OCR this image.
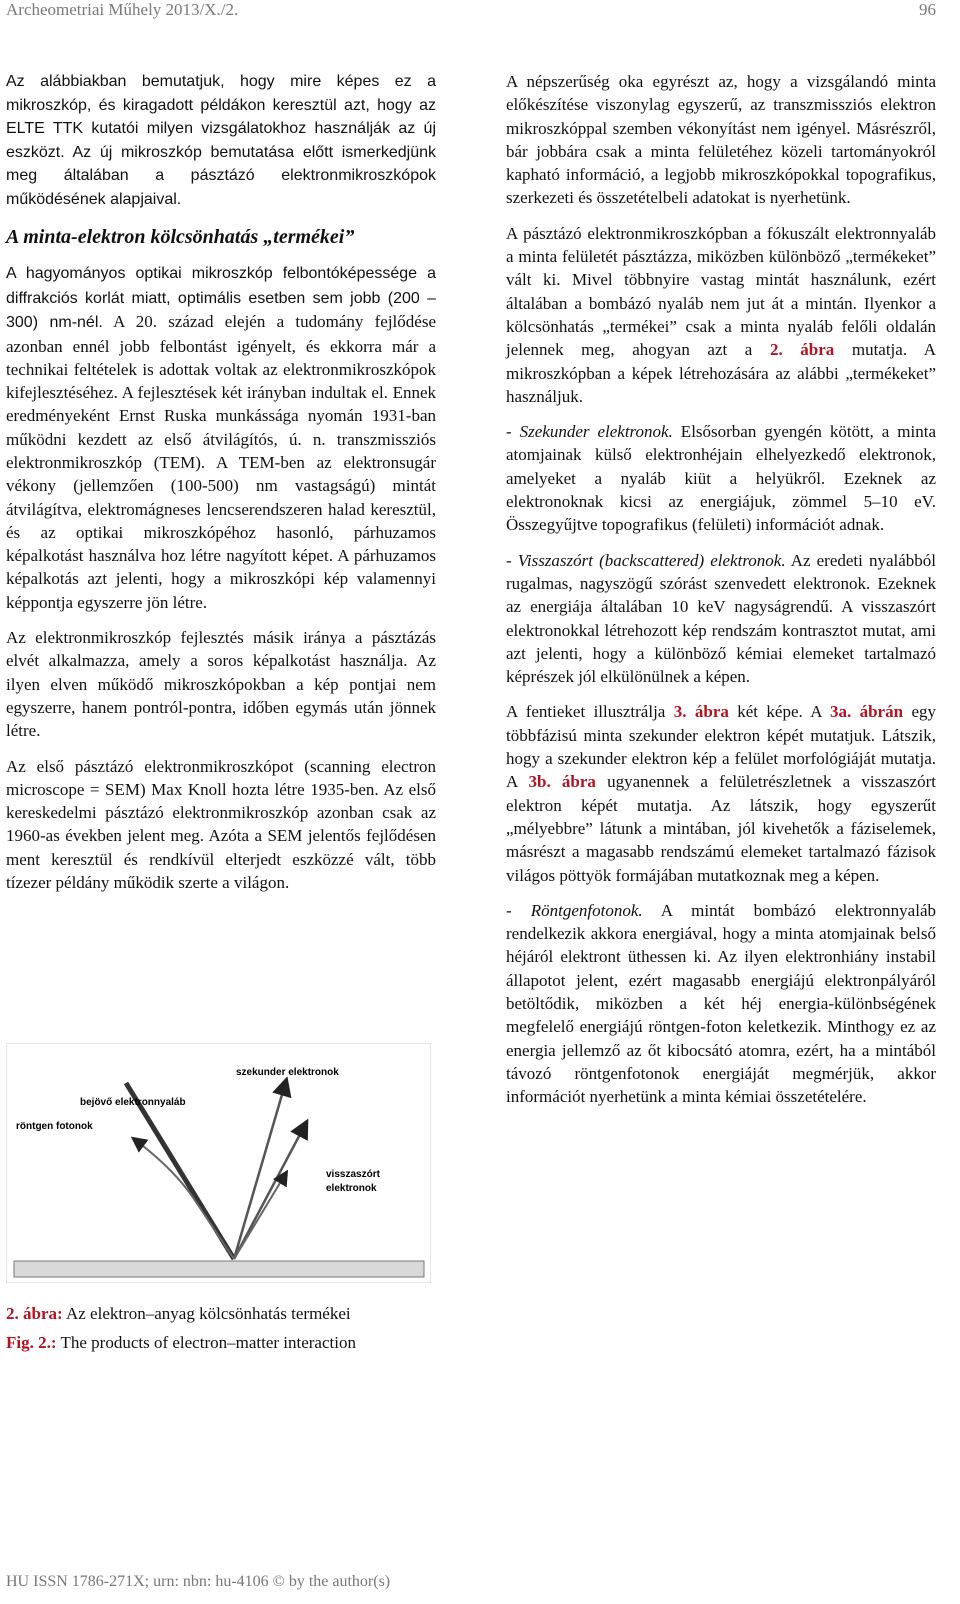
Archeometriai Műhely 2013/X./2.	96

Az alábbiakban bemutatjuk, hogy mire képes ez a mikroszkóp, és kiragadott példákon keresztül azt, hogy az ELTE TTK kutatói milyen vizsgálatokhoz használják az új eszközt. Az új mikroszkóp bemutatása előtt ismerkedjünk meg általában a pásztázó elektronmikroszkópok működésének alapjaival.

A minta-elektron kölcsönhatás „termékei”

A hagyományos optikai mikroszkóp felbontóképessége a diffrakciós korlát miatt, optimális esetben sem jobb (200 – 300) nm-nél. A 20. század elején a tudomány fejlődése azonban ennél jobb felbontást igényelt, és ekkorra már a technikai feltételek is adottak voltak az elektronmikroszkópok kifejlesztéséhez. A fejlesztések két irányban indultak el. Ennek eredményeként Ernst Ruska munkássága nyomán 1931-ban működni kezdett az első átvilágítós, ú. n. transzmissziós elektronmikroszkóp (TEM). A TEM-ben az elektronsugár vékony (jellemzően (100-500) nm vastagságú) mintát átvilágítva, elektromágneses lencserendszeren halad keresztül, és az optikai mikroszkópéhoz hasonló, párhuzamos képalkotást használva hoz létre nagyított képet. A párhuzamos képalkotás azt jelenti, hogy a mikroszkópi kép valamennyi képpontja egyszerre jön létre.

Az elektronmikroszkóp fejlesztés másik iránya a pásztázás elvét alkalmazza, amely a soros képalkotást használja. Az ilyen elven működő mikroszkópokban a kép pontjai nem egyszerre, hanem pontról-pontra, időben egymás után jönnek létre.

Az első pásztázó elektronmikroszkópot (scanning electron microscope = SEM) Max Knoll hozta létre 1935-ben. Az első kereskedelmi pásztázó elektronmikroszkóp azonban csak az 1960-as években jelent meg. Azóta a SEM jelentős fejlődésen ment keresztül és rendkívül elterjedt eszközzé vált, több tízezer példány működik szerte a világon.

szekunder elektronok
bejövő elektronnyaláb
röntgen fotonok
visszaszórt
elektronok
2. ábra: Az elektron–anyag kölcsönhatás termékei
Fig. 2.: The products of electron–matter interaction

A népszerűség oka egyrészt az, hogy a vizsgálandó minta előkészítése viszonylag egyszerű, az transzmissziós elektron mikroszkóppal szemben vékonyítást nem igényel. Másrészről, bár jobbára csak a minta felületéhez közeli tartományokról kapható információ, a legjobb mikroszkópokkal topografikus, szerkezeti és összetételbeli adatokat is nyerhetünk.

A pásztázó elektronmikroszkópban a fókuszált elektronnyaláb a minta felületét pásztázza, miközben különböző „termékeket” vált ki. Mivel többnyire vastag mintát használunk, ezért általában a bombázó nyaláb nem jut át a mintán. Ilyenkor a kölcsönhatás „termékei” csak a minta nyaláb felőli oldalán jelennek meg, ahogyan azt a 2. ábra mutatja. A mikroszkópban a képek létrehozására az alábbi „termékeket” használjuk.

- Szekunder elektronok. Elsősorban gyengén kötött, a minta atomjainak külső elektronhéjain elhelyezkedő elektronok, amelyeket a nyaláb kiüt a helyükről. Ezeknek az elektronoknak kicsi az energiájuk, zömmel 5–10 eV. Összegyűjtve topografikus (felületi) információt adnak.

- Visszaszórt (backscattered) elektronok. Az eredeti nyalábból rugalmas, nagyszögű szórást szenvedett elektronok. Ezeknek az energiája általában 10 keV nagyságrendű. A visszaszórt elektronokkal létrehozott kép rendszám kontrasztot mutat, ami azt jelenti, hogy a különböző kémiai elemeket tartalmazó képrészek jól elkülönülnek a képen.

A fentieket illusztrálja 3. ábra két képe. A 3a. ábrán egy többfázisú minta szekunder elektron képét mutatjuk. Látszik, hogy a szekunder elektron kép a felület morfológiáját mutatja. A 3b. ábra ugyanennek a felületrészletnek a visszaszórt elektron képét mutatja. Az látszik, hogy egyszerűt „mélyebbre” látunk a mintában, jól kivehetők a fáziselemek, másrészt a magasabb rendszámú elemeket tartalmazó fázisok világos pöttyök formájában mutatkoznak meg a képen.

- Röntgenfotonok. A mintát bombázó elektronnyaláb rendelkezik akkora energiával, hogy a minta atomjainak belső héjáról elektront üthessen ki. Az ilyen elektronhiány instabil állapotot jelent, ezért magasabb energiájú elektronpályáról betöltődik, miközben a két héj energia-különbségének megfelelő energiájú röntgen-foton keletkezik. Minthogy ez az energia jellemző az őt kibocsátó atomra, ezért, ha a mintából távozó röntgenfotonok energiáját megmérjük, akkor információt nyerhetünk a minta kémiai összetételére.

HU ISSN 1786-271X; urn: nbn: hu-4106 © by the author(s)
